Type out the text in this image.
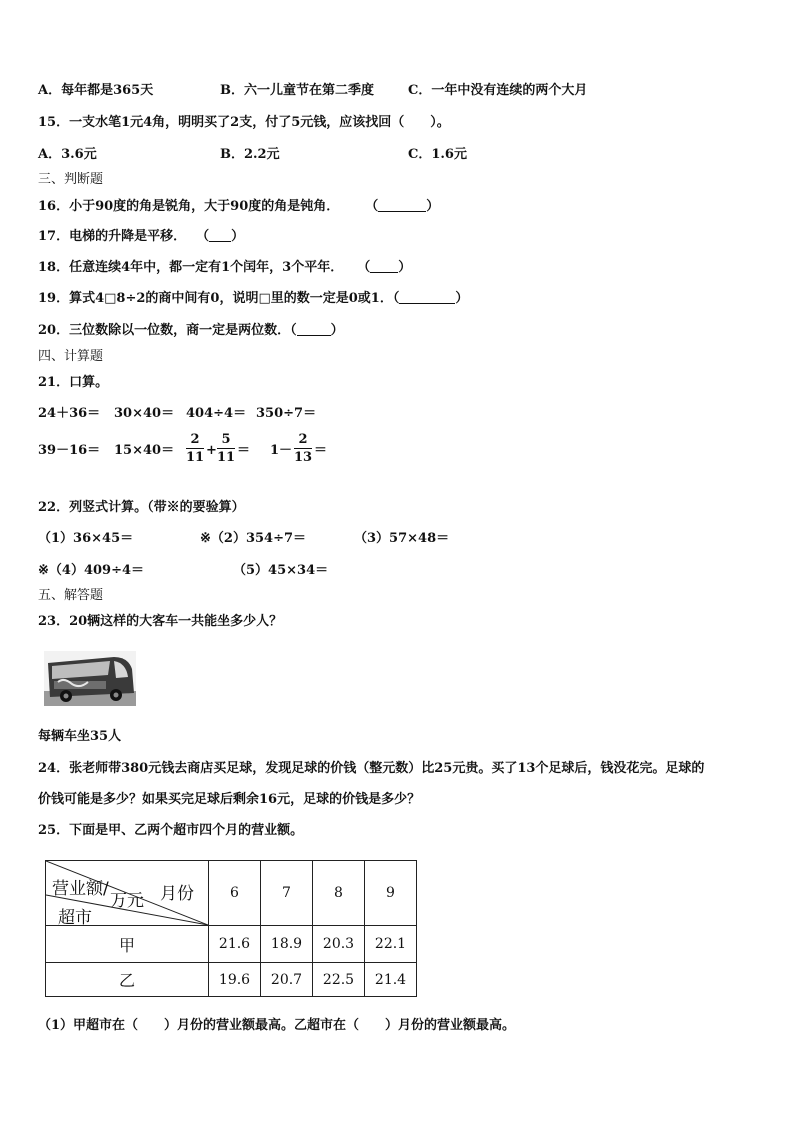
A．每年都是365天	B．六一儿童节在第二季度	C．一年中没有连续的两个大月
15．一支水笔1元4角，明明买了2支，付了5元钱，应该找回（　　）。
A．3.6元	B．2.2元	C．1.6元
三、判断题
16．小于90度的角是锐角，大于90度的角是钝角． （	）
17．电梯的升降是平移． （ ）
18．任意连续4年中，都一定有1个闰年，3个平年． （ ）
19．算式4□8÷2的商中间有0，说明□里的数一定是0或1．（	）
20．三位数除以一位数，商一定是两位数．（	）
四、计算题
21．口算。
24＋36＝ 30×40＝ 404÷4＝ 350÷7＝
39－16＝ 15×40＝
2
11 +
5
11 ＝ 1－
2
13 ＝
22．列竖式计算。（带※的要验算）
（1）36×45＝	※（2）354÷7＝	（3）57×48＝
※（4）409÷4＝	（5）45×34＝
五、解答题
23．20辆这样的大客车一共能坐多少人？
每辆车坐35人
24．张老师带380元钱去商店买足球，发现足球的价钱（整元数）比25元贵。买了13个足球后，钱没花完。足球的
价钱可能是多少？如果买完足球后剩余16元，足球的价钱是多少？
25．下面是甲、乙两个超市四个月的营业额。
营业额/
万元 月份
超市	6	7	8	9
甲	21.6	18.9	20.3	22.1
乙	19.6	20.7	22.5	21.4
（1）甲超市在（　　）月份的营业额最高。乙超市在（　　）月份的营业额最高。
